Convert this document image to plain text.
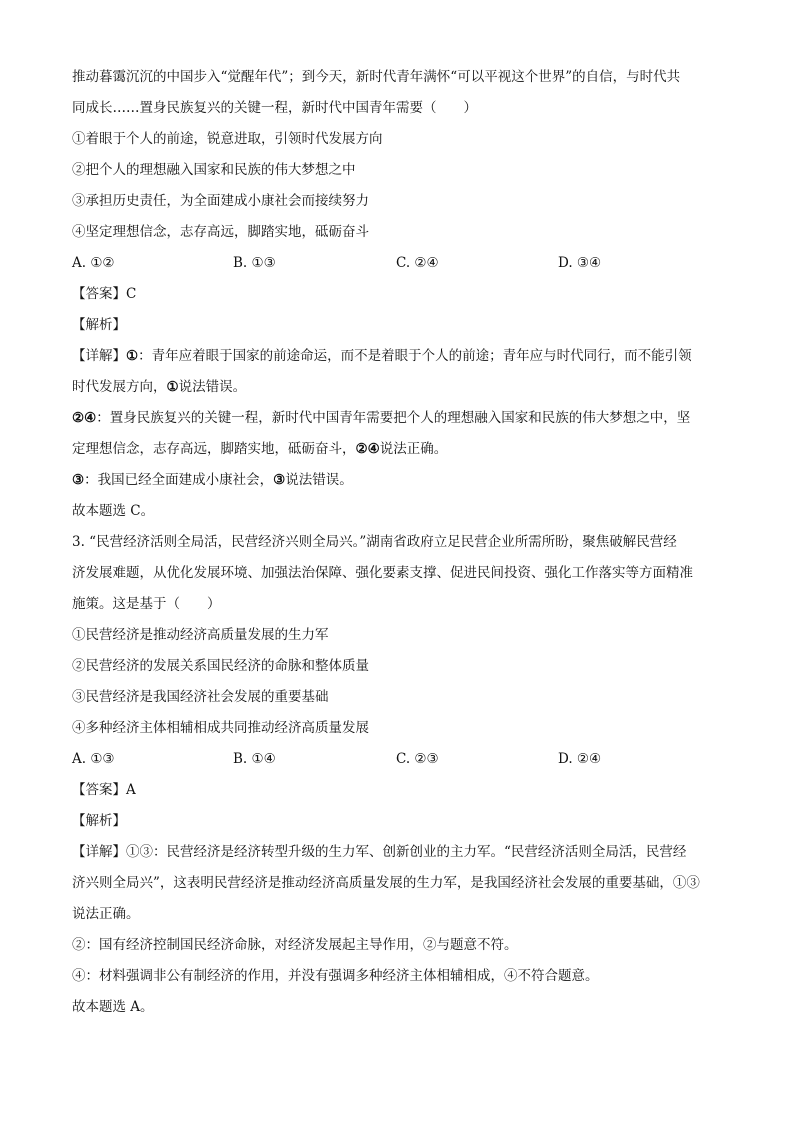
推动暮霭沉沉的中国步入“觉醒年代”；到今天，新时代青年满怀“可以平视这个世界”的自信，与时代共
同成长……置身民族复兴的关键一程，新时代中国青年需要（　　）
①着眼于个人的前途，锐意进取，引领时代发展方向
②把个人的理想融入国家和民族的伟大梦想之中
③承担历史责任，为全面建成小康社会而接续努力
④坚定理想信念，志存高远，脚踏实地，砥砺奋斗
A. ①②	B. ①③	C. ②④	D. ③④
【答案】C
【解析】
【详解】①：青年应着眼于国家的前途命运，而不是着眼于个人的前途；青年应与时代同行，而不能引领
时代发展方向，①说法错误。
②④：置身民族复兴的关键一程，新时代中国青年需要把个人的理想融入国家和民族的伟大梦想之中，坚
定理想信念，志存高远，脚踏实地，砥砺奋斗，②④说法正确。
③：我国已经全面建成小康社会，③说法错误。
故本题选 C。
3. “民营经济活则全局活，民营经济兴则全局兴。”湖南省政府立足民营企业所需所盼，聚焦破解民营经
济发展难题，从优化发展环境、加强法治保障、强化要素支撑、促进民间投资、强化工作落实等方面精准
施策。这是基于（　　）
①民营经济是推动经济高质量发展的生力军
②民营经济的发展关系国民经济的命脉和整体质量
③民营经济是我国经济社会发展的重要基础
④多种经济主体相辅相成共同推动经济高质量发展
A. ①③	B. ①④	C. ②③	D. ②④
【答案】A
【解析】
【详解】①③：民营经济是经济转型升级的生力军、创新创业的主力军。“民营经济活则全局活，民营经
济兴则全局兴”，这表明民营经济是推动经济高质量发展的生力军，是我国经济社会发展的重要基础，①③
说法正确。
②：国有经济控制国民经济命脉，对经济发展起主导作用，②与题意不符。
④：材料强调非公有制经济的作用，并没有强调多种经济主体相辅相成，④不符合题意。
故本题选 A。
